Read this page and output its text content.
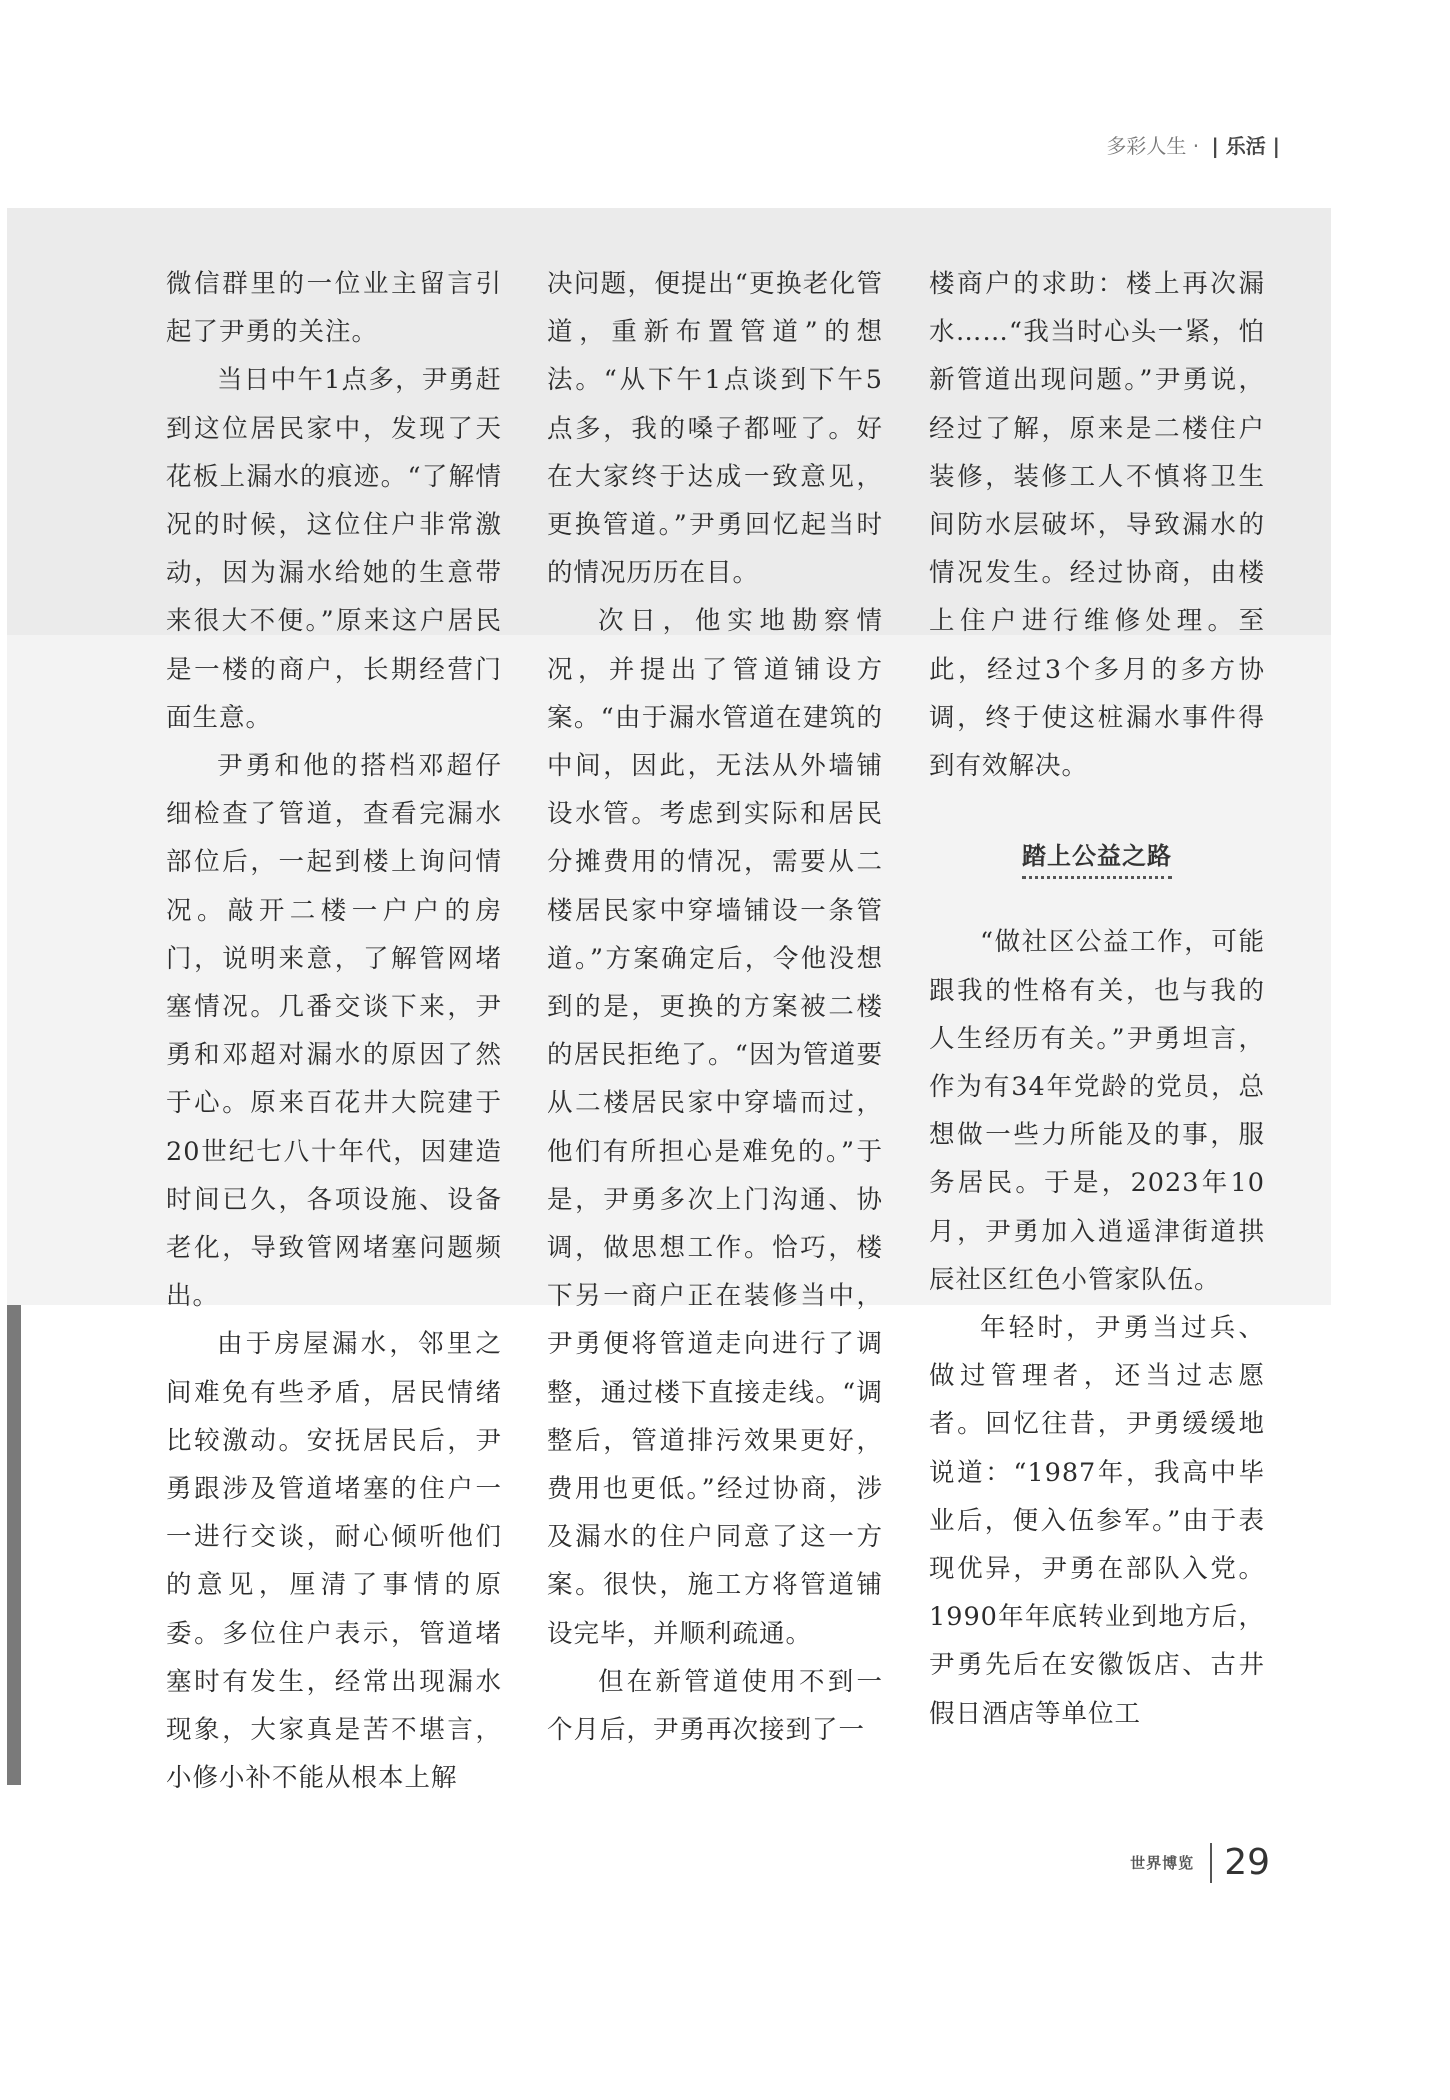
多彩人生 · | 乐活 |

微信群里的一位业主留言引起了尹勇的关注。

当日中午1点多，尹勇赶到这位居民家中，发现了天花板上漏水的痕迹。“了解情况的时候，这位住户非常激动，因为漏水给她的生意带来很大不便。”原来这户居民是一楼的商户，长期经营门面生意。

尹勇和他的搭档邓超仔细检查了管道，查看完漏水部位后，一起到楼上询问情况。敲开二楼一户户的房门，说明来意，了解管网堵塞情况。几番交谈下来，尹勇和邓超对漏水的原因了然于心。原来百花井大院建于20世纪七八十年代，因建造时间已久，各项设施、设备老化，导致管网堵塞问题频出。

由于房屋漏水，邻里之间难免有些矛盾，居民情绪比较激动。安抚居民后，尹勇跟涉及管道堵塞的住户一一进行交谈，耐心倾听他们的意见，厘清了事情的原委。多位住户表示，管道堵塞时有发生，经常出现漏水现象，大家真是苦不堪言，小修小补不能从根本上解

决问题，便提出“更换老化管道，重新布置管道”的想法。“从下午1点谈到下午5点多，我的嗓子都哑了。好在大家终于达成一致意见，更换管道。”尹勇回忆起当时的情况历历在目。

次日，他实地勘察情况，并提出了管道铺设方案。“由于漏水管道在建筑的中间，因此，无法从外墙铺设水管。考虑到实际和居民分摊费用的情况，需要从二楼居民家中穿墙铺设一条管道。”方案确定后，令他没想到的是，更换的方案被二楼的居民拒绝了。“因为管道要从二楼居民家中穿墙而过，他们有所担心是难免的。”于是，尹勇多次上门沟通、协调，做思想工作。恰巧，楼下另一商户正在装修当中，尹勇便将管道走向进行了调整，通过楼下直接走线。“调整后，管道排污效果更好，费用也更低。”经过协商，涉及漏水的住户同意了这一方案。很快，施工方将管道铺设完毕，并顺利疏通。

但在新管道使用不到一个月后，尹勇再次接到了一

楼商户的求助：楼上再次漏水……“我当时心头一紧，怕新管道出现问题。”尹勇说，经过了解，原来是二楼住户装修，装修工人不慎将卫生间防水层破坏，导致漏水的情况发生。经过协商，由楼上住户进行维修处理。至此，经过3个多月的多方协调，终于使这桩漏水事件得到有效解决。

踏上公益之路

“做社区公益工作，可能跟我的性格有关，也与我的人生经历有关。”尹勇坦言，作为有34年党龄的党员，总想做一些力所能及的事，服务居民。于是，2023年10月，尹勇加入逍遥津街道拱辰社区红色小管家队伍。

年轻时，尹勇当过兵、做过管理者，还当过志愿者。回忆往昔，尹勇缓缓地说道：“1987年，我高中毕业后，便入伍参军。”由于表现优异，尹勇在部队入党。1990年年底转业到地方后，尹勇先后在安徽饭店、古井假日酒店等单位工

世界博览 29
